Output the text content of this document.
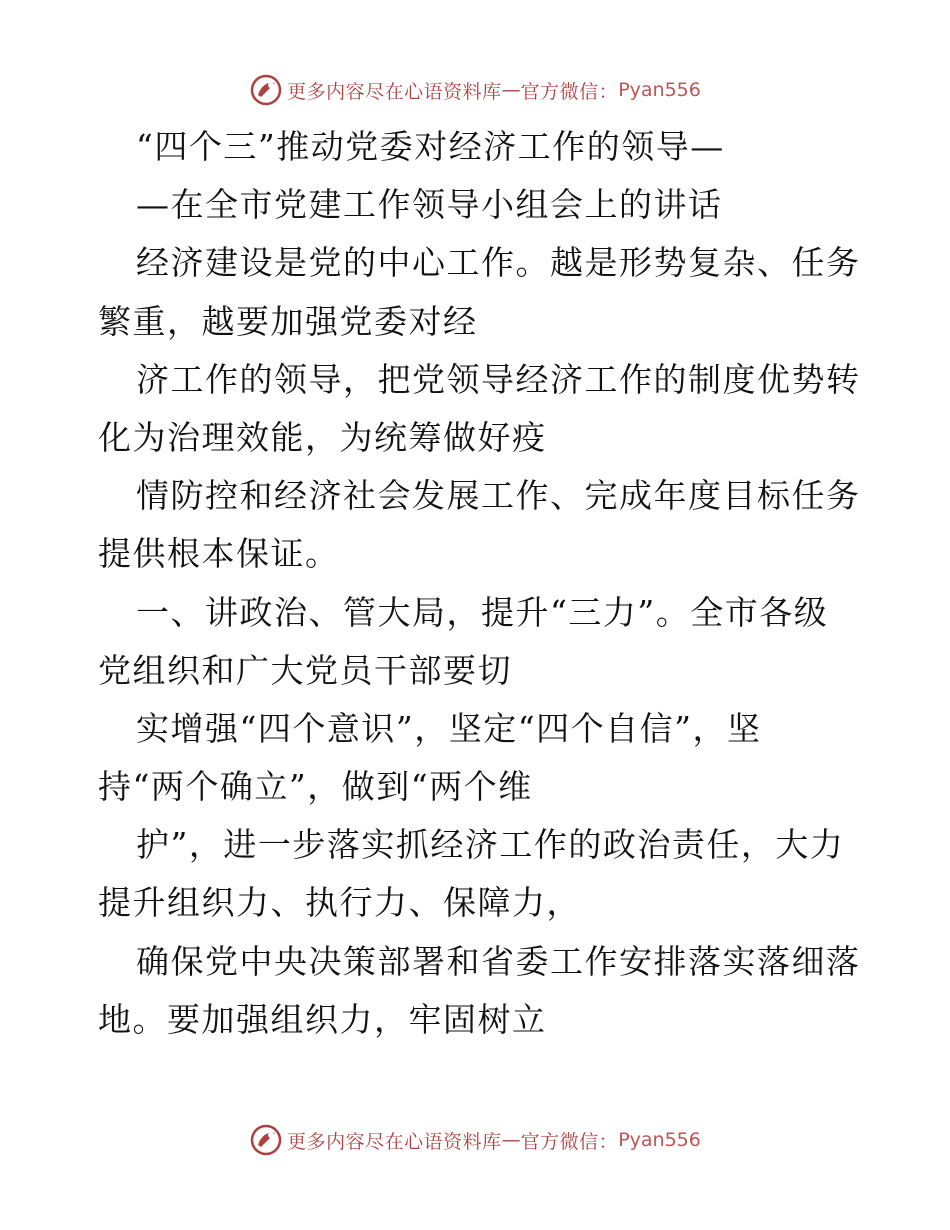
更多内容尽在心语资料库 — 官方微信： Pyan556
“四个三”推动党委对经济工作的领导—
—在全市党建工作领导小组会上的讲话
经济建设是党的中心工作。越是形势复杂、任务
繁重，越要加强党委对经
济工作的领导，把党领导经济工作的制度优势转
化为治理效能，为统筹做好疫
情防控和经济社会发展工作、完成年度目标任务
提供根本保证。
一、讲政治、管大局，提升“三力”。全市各级
党组织和广大党员干部要切
实增强“四个意识”，坚定“四个自信”，坚
持“两个确立”，做到“两个维
护”，进一步落实抓经济工作的政治责任，大力
提升组织力、执行力、保障力，
确保党中央决策部署和省委工作安排落实落细落
地。要加强组织力，牢固树立
更多内容尽在心语资料库 — 官方微信： Pyan556
